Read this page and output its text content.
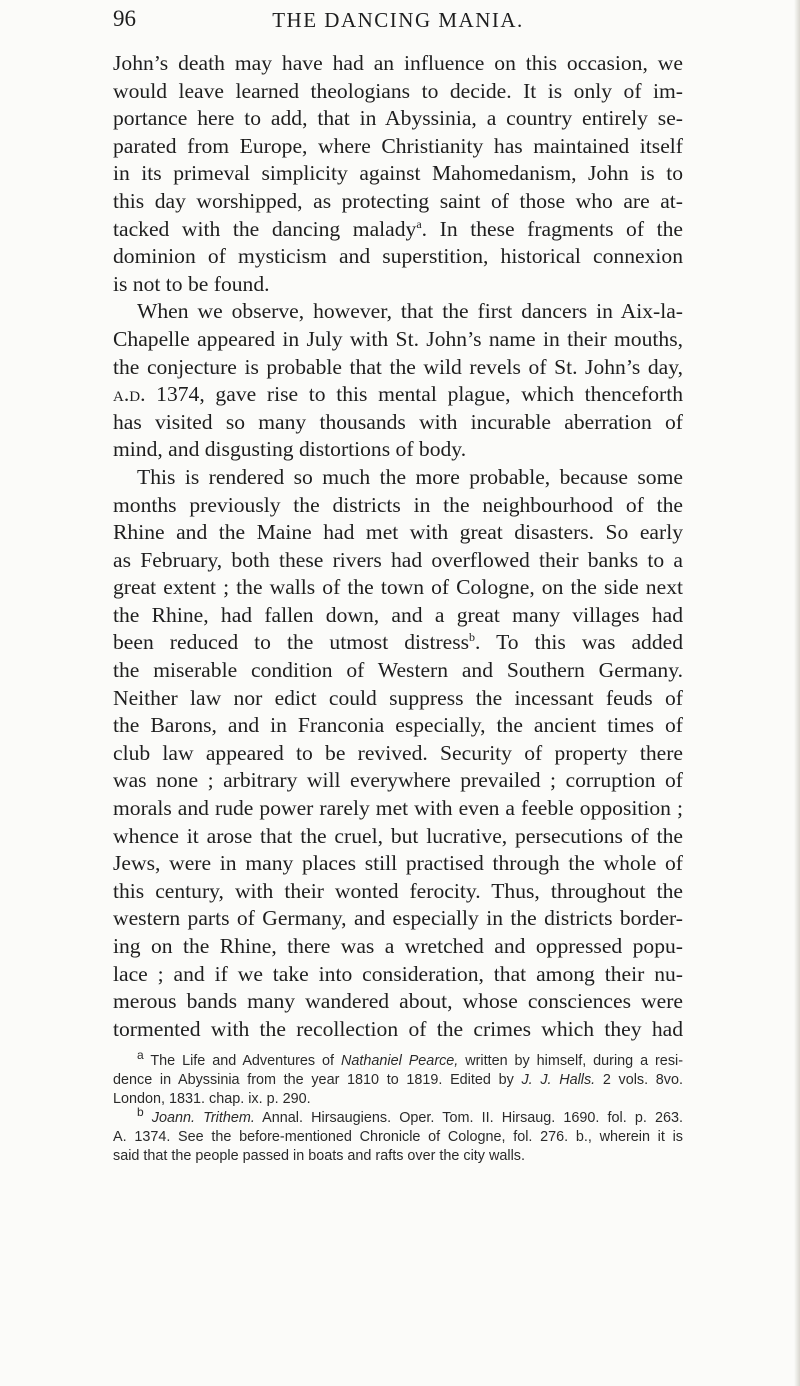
96	THE DANCING MANIA.
John’s death may have had an influence on this occasion, we
would leave learned theologians to decide. It is only of im-
portance here to add, that in Abyssinia, a country entirely se-
parated from Europe, where Christianity has maintained itself
in its primeval simplicity against Mahomedanism, John is to
this day worshipped, as protecting saint of those who are at-
tacked with the dancing malady$^a$. In these fragments of the
dominion of mysticism and superstition, historical connexion
is not to be found.
When we observe, however, that the first dancers in Aix-la-
Chapelle appeared in July with St. John’s name in their mouths,
the conjecture is probable that the wild revels of St. John’s day,
a.d. 1374, gave rise to this mental plague, which thenceforth
has visited so many thousands with incurable aberration of
mind, and disgusting distortions of body.
This is rendered so much the more probable, because some
months previously the districts in the neighbourhood of the
Rhine and the Maine had met with great disasters. So early
as February, both these rivers had overflowed their banks to a
great extent ; the walls of the town of Cologne, on the side next
the Rhine, had fallen down, and a great many villages had
been reduced to the utmost distress$^b$. To this was added
the miserable condition of Western and Southern Germany.
Neither law nor edict could suppress the incessant feuds of
the Barons, and in Franconia especially, the ancient times of
club law appeared to be revived. Security of property there
was none ; arbitrary will everywhere prevailed ; corruption of
morals and rude power rarely met with even a feeble opposition ;
whence it arose that the cruel, but lucrative, persecutions of the
Jews, were in many places still practised through the whole of
this century, with their wonted ferocity. Thus, throughout the
western parts of Germany, and especially in the districts border-
ing on the Rhine, there was a wretched and oppressed popu-
lace ; and if we take into consideration, that among their nu-
merous bands many wandered about, whose consciences were
tormented with the recollection of the crimes which they had
$^a$ The Life and Adventures of Nathaniel Pearce, written by himself, during a resi-
dence in Abyssinia from the year 1810 to 1819. Edited by J. J. Halls. 2 vols. 8vo.
London, 1831. chap. ix. p. 290.
$^b$ Joann. Trithem. Annal. Hirsaugiens. Oper. Tom. II. Hirsaug. 1690. fol. p. 263.
A. 1374. See the before-mentioned Chronicle of Cologne, fol. 276. b., wherein it is
said that the people passed in boats and rafts over the city walls.
